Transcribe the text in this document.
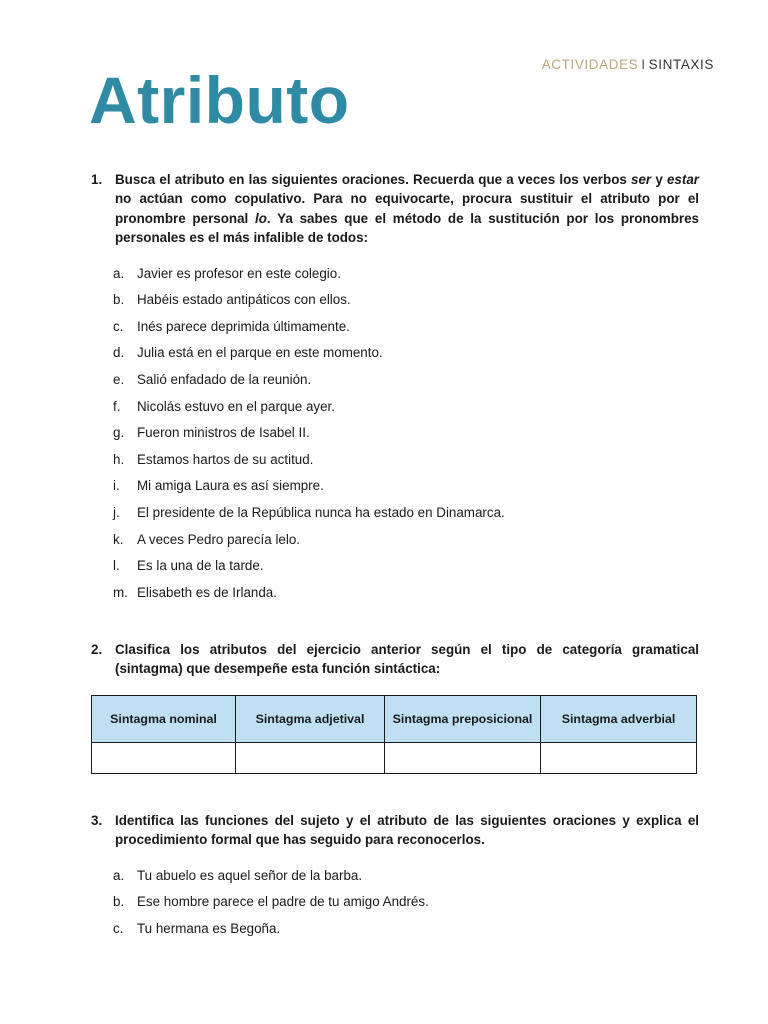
ACTIVIDADES I SINTAXIS
Atributo
1. Busca el atributo en las siguientes oraciones. Recuerda que a veces los verbos ser y estar no actúan como copulativo. Para no equivocarte, procura sustituir el atributo por el pronombre personal lo. Ya sabes que el método de la sustitución por los pronombres personales es el más infalible de todos:
a. Javier es profesor en este colegio.
b. Habéis estado antipáticos con ellos.
c.	Inés parece deprimida últimamente.
d. Julia está en el parque en este momento.
e. Salió enfadado de la reunión.
f.	Nicolás estuvo en el parque ayer.
g. Fueron ministros de Isabel II.
h. Estamos hartos de su actitud.
i.	Mi amiga Laura es así siempre.
j.	El presidente de la República nunca ha estado en Dinamarca.
k.	A veces Pedro parecía lelo.
l.	Es la una de la tarde.
m. Elisabeth es de Irlanda.
2. Clasifica los atributos del ejercicio anterior según el tipo de categoría gramatical (sintagma) que desempeñe esta función sintáctica:
Sintagma nominal	Sintagma adjetival	Sintagma preposicional	Sintagma adverbial

3. Identifica las funciones del sujeto y el atributo de las siguientes oraciones y explica el procedimiento formal que has seguido para reconocerlos.
a. Tu abuelo es aquel señor de la barba.
b. Ese hombre parece el padre de tu amigo Andrés.
c.	Tu hermana es Begoña.
